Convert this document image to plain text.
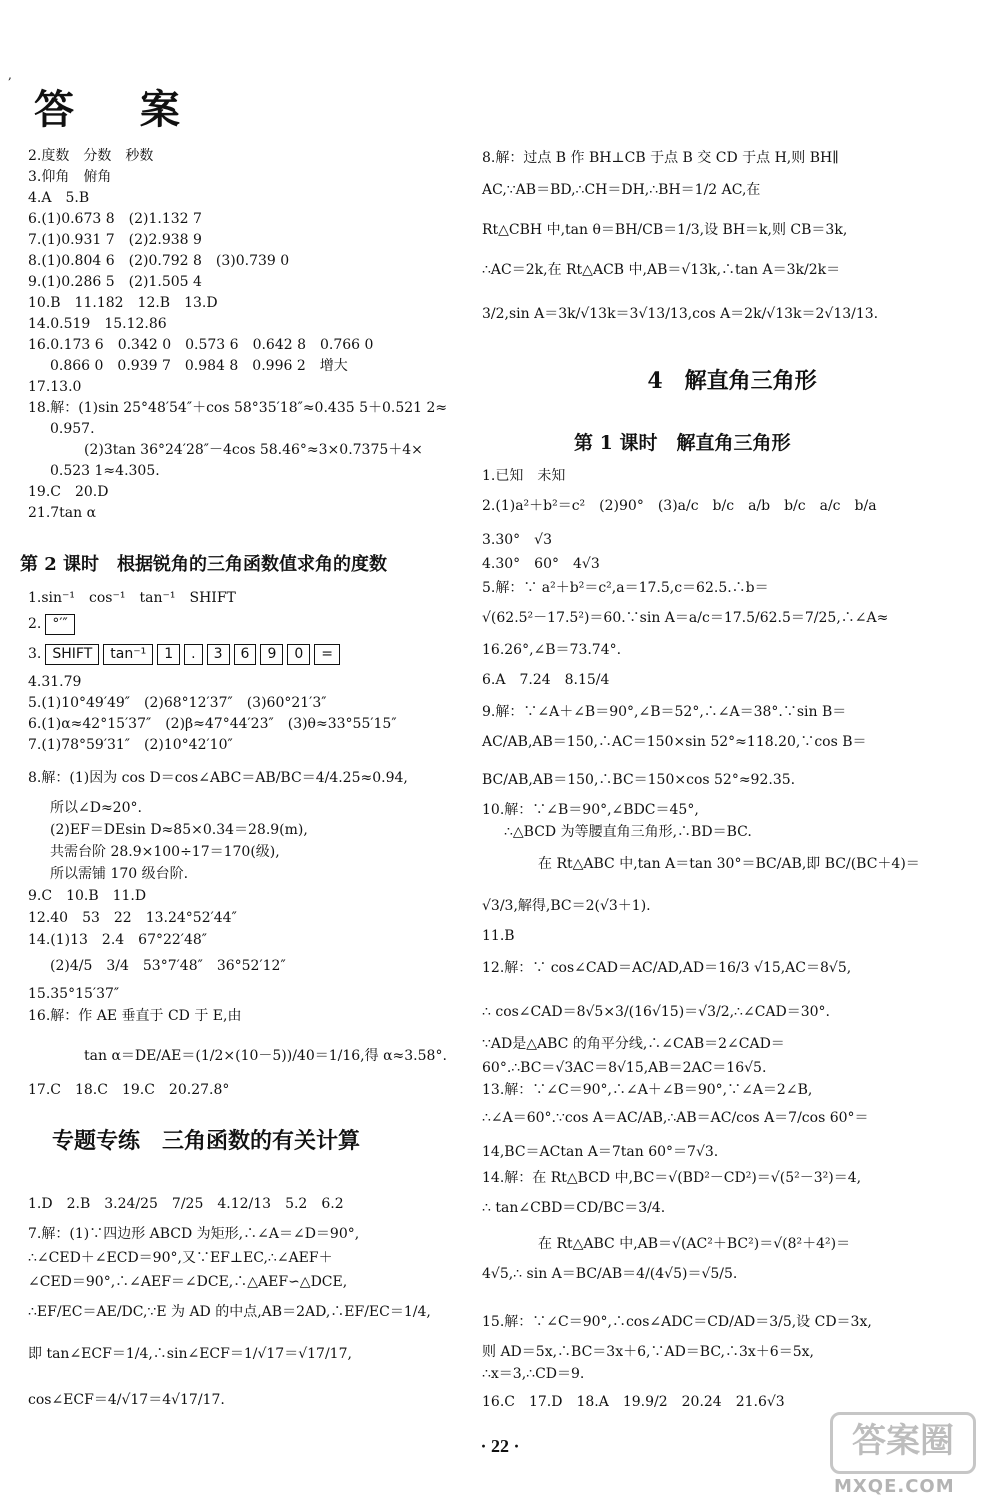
,
答 案
2.度数　分数　秒数
3.仰角　俯角
4.A　5.B
6.(1)0.673 8　(2)1.132 7
7.(1)0.931 7　(2)2.938 9
8.(1)0.804 6　(2)0.792 8　(3)0.739 0
9.(1)0.286 5　(2)1.505 4
10.B　11.182　12.B　13.D
14.0.519　15.12.86
16.0.173 6　0.342 0　0.573 6　0.642 8　0.766 0
0.866 0　0.939 7　0.984 8　0.996 2　增大
17.13.0
18.解：(1)sin 25°48′54″＋cos 58°35′18″≈0.435 5＋0.521 2≈
0.957.
(2)3tan 36°24′28″－4cos 58.46°≈3×0.7375＋4×
0.523 1≈4.305.
19.C　20.D
21.7tan α
第 2 课时　根据锐角的三角函数值求角的度数
1.sin⁻¹　cos⁻¹　tan⁻¹　SHIFT
2. °′″
3. SHIFT	tan⁻¹	1	.	3	6	9	0	=
4.31.79
5.(1)10°49′49″　(2)68°12′37″　(3)60°21′3″
6.(1)α≈42°15′37″　(2)β≈47°44′23″　(3)θ≈33°55′15″
7.(1)78°59′31″　(2)10°42′10″
8.解：(1)因为 cos D＝cos∠ABC＝AB/BC＝4/4.25≈0.94,
所以∠D≈20°.
(2)EF＝DEsin D≈85×0.34＝28.9(m),
共需台阶 28.9×100÷17＝170(级),
所以需铺 170 级台阶.
9.C　10.B　11.D
12.40　53　22　13.24°52′44″
14.(1)13　2.4　67°22′48″
(2)4/5　3/4　53°7′48″　36°52′12″
15.35°15′37″
16.解：作 AE 垂直于 CD 于 E,由
tan α＝DE/AE＝(1/2×(10－5))/40＝1/16,得 α≈3.58°.
17.C　18.C　19.C　20.27.8°
专题专练　三角函数的有关计算
1.D　2.B　3.24/25　7/25　4.12/13　5.2　6.2
7.解：(1)∵四边形 ABCD 为矩形,∴∠A＝∠D＝90°,
∴∠CED＋∠ECD＝90°,又∵EF⊥EC,∴∠AEF＋
∠CED＝90°,∴∠AEF＝∠DCE,∴△AEF∽△DCE,
∴EF/EC＝AE/DC,∵E 为 AD 的中点,AB＝2AD,∴EF/EC＝1/4,
即 tan∠ECF＝1/4,∴sin∠ECF＝1/√17＝√17/17,
cos∠ECF＝4/√17＝4√17/17.
8.解：过点 B 作 BH⊥CB 于点 B 交 CD 于点 H,则 BH∥
AC,∵AB＝BD,∴CH＝DH,∴BH＝1/2 AC,在
Rt△CBH 中,tan θ＝BH/CB＝1/3,设 BH＝k,则 CB＝3k,
∴AC＝2k,在 Rt△ACB 中,AB＝√13k,∴tan A＝3k/2k＝
3/2,sin A＝3k/√13k＝3√13/13,cos A＝2k/√13k＝2√13/13.
4　解直角三角形
第 1 课时　解直角三角形
1.已知　未知
2.(1)a²＋b²＝c²　(2)90°　(3)a/c　b/c　a/b　b/c　a/c　b/a
3.30°　√3
4.30°　60°　4√3
5.解：∵ a²＋b²＝c²,a＝17.5,c＝62.5.∴b＝
√(62.5²－17.5²)＝60.∵sin A＝a/c＝17.5/62.5＝7/25,∴∠A≈
16.26°,∠B＝73.74°.
6.A　7.24　8.15/4
9.解：∵∠A＋∠B＝90°,∠B＝52°,∴∠A＝38°.∵sin B＝
AC/AB,AB＝150,∴AC＝150×sin 52°≈118.20,∵cos B＝
BC/AB,AB＝150,∴BC＝150×cos 52°≈92.35.
10.解：∵∠B＝90°,∠BDC＝45°,
∴△BCD 为等腰直角三角形,∴BD＝BC.
在 Rt△ABC 中,tan A＝tan 30°＝BC/AB,即 BC/(BC＋4)＝
√3/3,解得,BC＝2(√3＋1).
11.B
12.解：∵ cos∠CAD＝AC/AD,AD＝16/3 √15,AC＝8√5,
∴ cos∠CAD＝8√5×3/(16√15)＝√3/2,∴∠CAD＝30°.
∵AD是△ABC 的角平分线,∴∠CAB＝2∠CAD＝
60°.∴BC＝√3AC＝8√15,AB＝2AC＝16√5.
13.解：∵∠C＝90°,∴∠A＋∠B＝90°,∵∠A＝2∠B,
∴∠A＝60°.∵cos A＝AC/AB,∴AB＝AC/cos A＝7/cos 60°＝
14,BC＝ACtan A＝7tan 60°＝7√3.
14.解：在 Rt△BCD 中,BC＝√(BD²－CD²)＝√(5²－3²)＝4,
∴ tan∠CBD＝CD/BC＝3/4.
在 Rt△ABC 中,AB＝√(AC²＋BC²)＝√(8²＋4²)＝
4√5,∴ sin A＝BC/AB＝4/(4√5)＝√5/5.
15.解：∵∠C＝90°,∴cos∠ADC＝CD/AD＝3/5,设 CD＝3x,
则 AD＝5x,∴BC＝3x＋6,∵AD＝BC,∴3x＋6＝5x,
∴x＝3,∴CD＝9.
16.C　17.D　18.A　19.9/2　20.24　21.6√3
· 22 ·	答案圈
MXQE.COM
